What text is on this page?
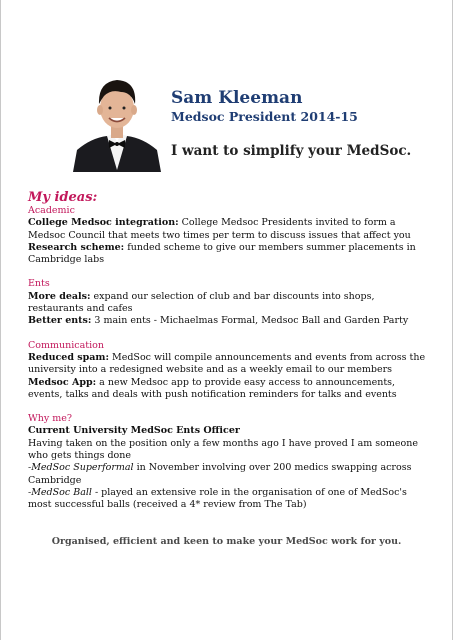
Sam Kleeman
Medsoc President 2014-15
I want to simplify your MedSoc.
My ideas:
Academic
College Medsoc integration: College Medsoc Presidents invited to form a Medsoc Council that meets two times per term to discuss issues that affect you
Research scheme: funded scheme to give our members summer placements in Cambridge labs
Ents
More deals: expand our selection of club and bar discounts into shops, restaurants and cafes
Better ents: 3 main ents - Michaelmas Formal, Medsoc Ball and Garden Party
Communication
Reduced spam: MedSoc will compile announcements and events from across the university into a redesigned website and as a weekly email to our members
Medsoc App: a new Medsoc app to provide easy access to announcements, events, talks and deals with push notification reminders for talks and events
Why me?
Current University MedSoc Ents Officer
Having taken on the position only a few months ago I have proved I am someone who gets things done
-MedSoc Superformal in November involving over 200 medics swapping across Cambridge
-MedSoc Ball - played an extensive role in the organisation of one of MedSoc's most successful balls (received a 4* review from The Tab)
Organised, efficient and keen to make your MedSoc work for you.
